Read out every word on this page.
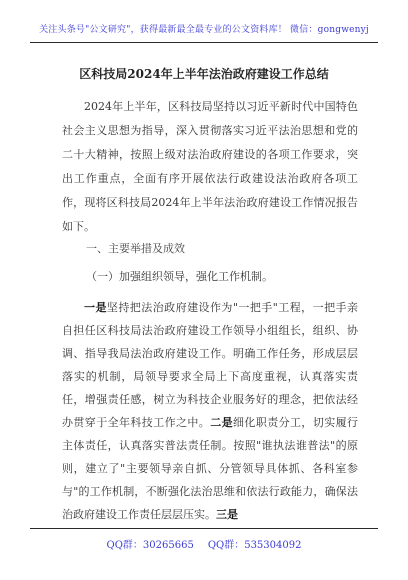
关注头条号"公文研究"，获得最新最全最专业的公文资料库！ 微信：gongwenyj
区科技局2024年上半年法治政府建设工作总结
2024年上半年，区科技局坚持以习近平新时代中国特色社会主义思想为指导，深入贯彻落实习近平法治思想和党的二十大精神，按照上级对法治政府建设的各项工作要求，突出工作重点，全面有序开展依法行政建设法治政府各项工作，现将区科技局2024年上半年法治政府建设工作情况报告如下。
一、主要举措及成效
（一）加强组织领导，强化工作机制。
一是坚持把法治政府建设作为"一把手"工程，一把手亲自担任区科技局法治政府建设工作领导小组组长，组织、协调、指导我局法治政府建设工作。明确工作任务，形成层层落实的机制，局领导要求全局上下高度重视，认真落实责任，增强责任感，树立为科技企业服务好的理念，把依法经办贯穿于全年科技工作之中。二是细化职责分工，切实履行主体责任，认真落实普法责任制。按照"谁执法谁普法"的原则，建立了"主要领导亲自抓、分管领导具体抓、各科室参与"的工作机制，不断强化法治思维和依法行政能力，确保法治政府建设工作责任层层压实。三是
QQ群：30265665 QQ群：535304092
